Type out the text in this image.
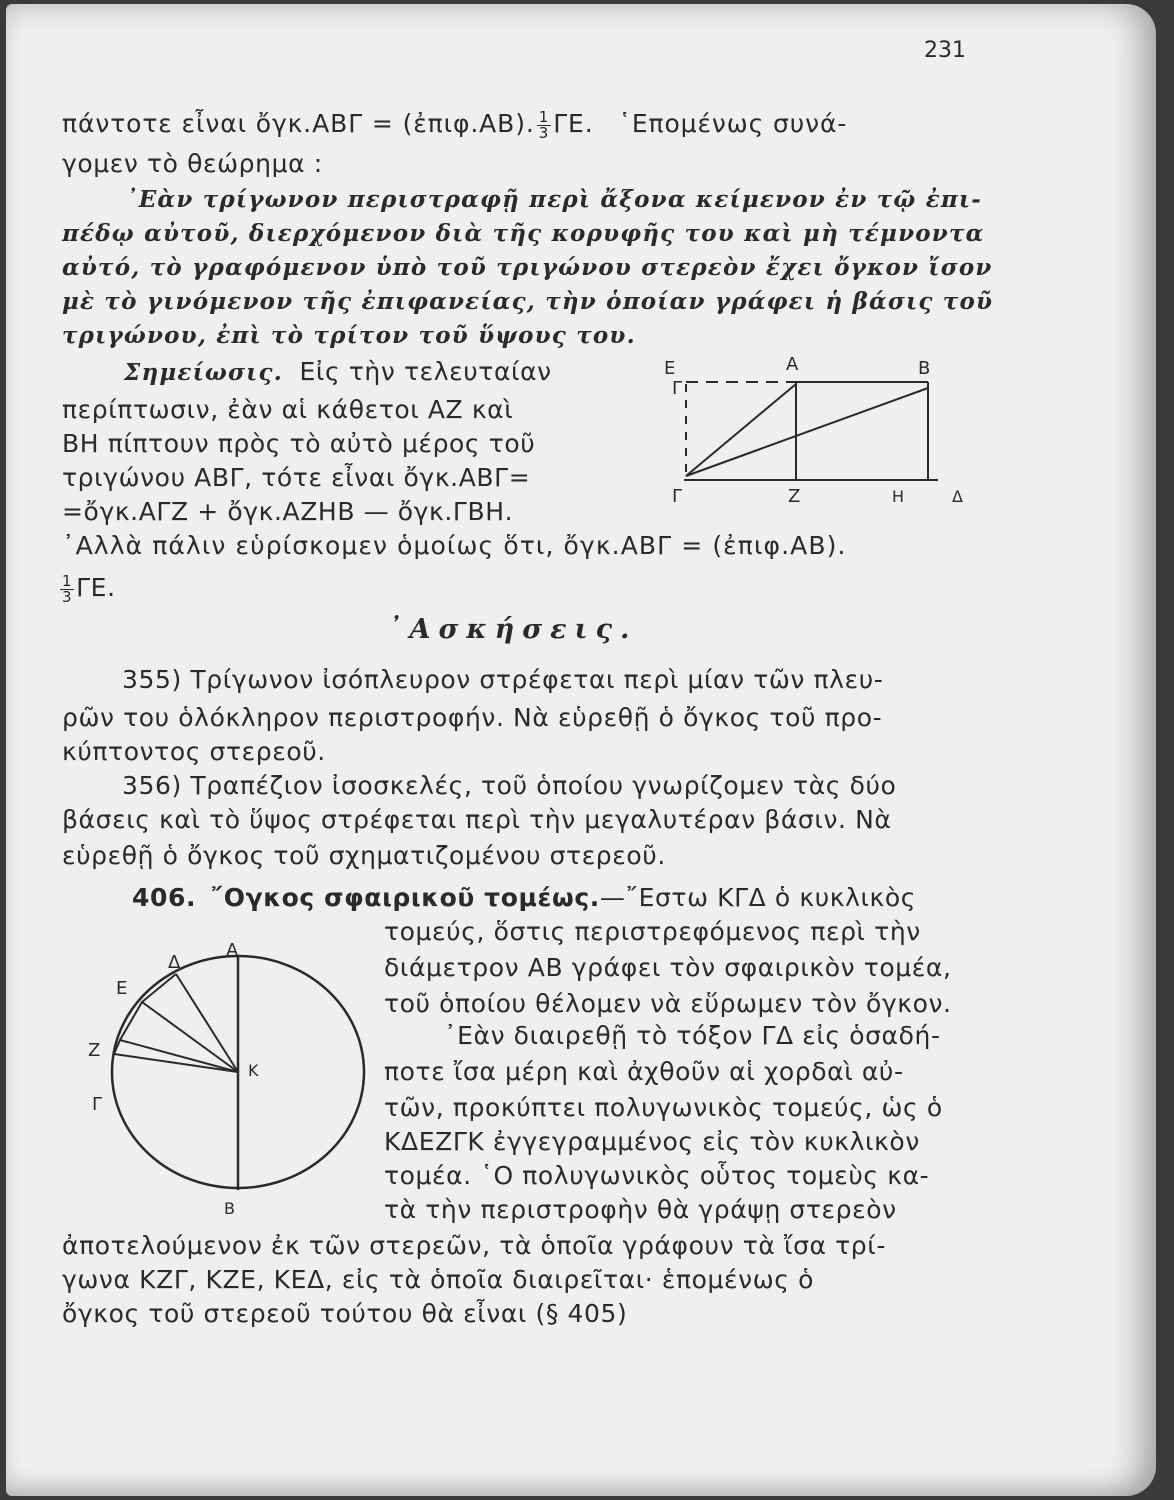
231

πάντοτε εἶναι ὄγκ.ΑΒΓ = (ἐπιφ.ΑΒ). $\frac{1}{3} \Gamma E$. ῾Επομένως συνά-

γομεν τὸ θεώρημα :

᾿Εὰν τρίγωνον περιστραφῇ περὶ ἄξονα κείμενον ἐν τῷ ἐπι-

πέδῳ αὐτοῦ, διερχόμενον διὰ τῆς κορυφῆς του καὶ μὴ τέμνοντα

αὐτό, τὸ γραφόμενον ὑπὸ τοῦ τριγώνου στερεὸν ἔχει ὄγκον ἴσον

μὲ τὸ γινόμενον τῆς ἐπιφανείας, τὴν ὁποίαν γράφει ἡ βάσις τοῦ

τριγώνου, ἐπὶ τὸ τρίτον τοῦ ὕψους του.

Σημείωσις. Εἰς τὴν τελευταίαν

περίπτωσιν, ἐὰν αἱ κάθετοι ΑΖ καὶ

ΒΗ πίπτουν πρὸς τὸ αὐτὸ μέρος τοῦ

τριγώνου ΑΒΓ, τότε εἶναι ὄγκ.ΑΒΓ=

=ὄγκ.ΑΓΖ + ὄγκ.ΑΖΗΒ — ὄγκ.ΓΒΗ.

᾿Αλλὰ πάλιν εὑρίσκομεν ὁμοίως ὅτι, ὄγκ.ΑΒΓ = (ἐπιφ.ΑΒ).

$\frac{1}{3} \Gamma E$.

Ε	Α	Β
Γ
Γ	Ζ	Η	Δ

᾿Ασκήσεις.

355) Τρίγωνον ἰσόπλευρον στρέφεται περὶ μίαν τῶν πλευ-

ρῶν του ὁλόκληρον περιστροφήν. Νὰ εὑρεθῇ ὁ ὄγκος τοῦ προ-

κύπτοντος στερεοῦ.

356) Τραπέζιον ἰσοσκελές, τοῦ ὁποίου γνωρίζομεν τὰς δύο

βάσεις καὶ τὸ ὕψος στρέφεται περὶ τὴν μεγαλυτέραν βάσιν. Νὰ

εὑρεθῇ ὁ ὄγκος τοῦ σχηματιζομένου στερεοῦ.

406. ῎Ογκος σφαιρικοῦ τομέως.—῎Εστω ΚΓΔ ὁ κυκλικὸς

τομεύς, ὅστις περιστρεφόμενος περὶ τὴν

διάμετρον ΑΒ γράφει τὸν σφαιρικὸν τομέα,

τοῦ ὁποίου θέλομεν νὰ εὕρωμεν τὸν ὄγκον.

᾿Εὰν διαιρεθῇ τὸ τόξον ΓΔ εἰς ὁσαδή-

ποτε ἴσα μέρη καὶ ἀχθοῦν αἱ χορδαὶ αὐ-

τῶν, προκύπτει πολυγωνικὸς τομεύς, ὡς ὁ

ΚΔΕΖΓΚ ἐγγεγραμμένος εἰς τὸν κυκλικὸν

τομέα. ῾Ο πολυγωνικὸς οὗτος τομεὺς κα-

τὰ τὴν περιστροφὴν θὰ γράψῃ στερεὸν

ἀποτελούμενον ἐκ τῶν στερεῶν, τὰ ὁποῖα γράφουν τὰ ἴσα τρί-

γωνα ΚΖΓ, ΚΖΕ, ΚΕΔ, εἰς τὰ ὁποῖα διαιρεῖται· ἑπομένως ὁ

ὄγκος τοῦ στερεοῦ τούτου θὰ εἶναι (§ 405)

Α
Δ
Ε
Ζ
Γ
Κ
Β
